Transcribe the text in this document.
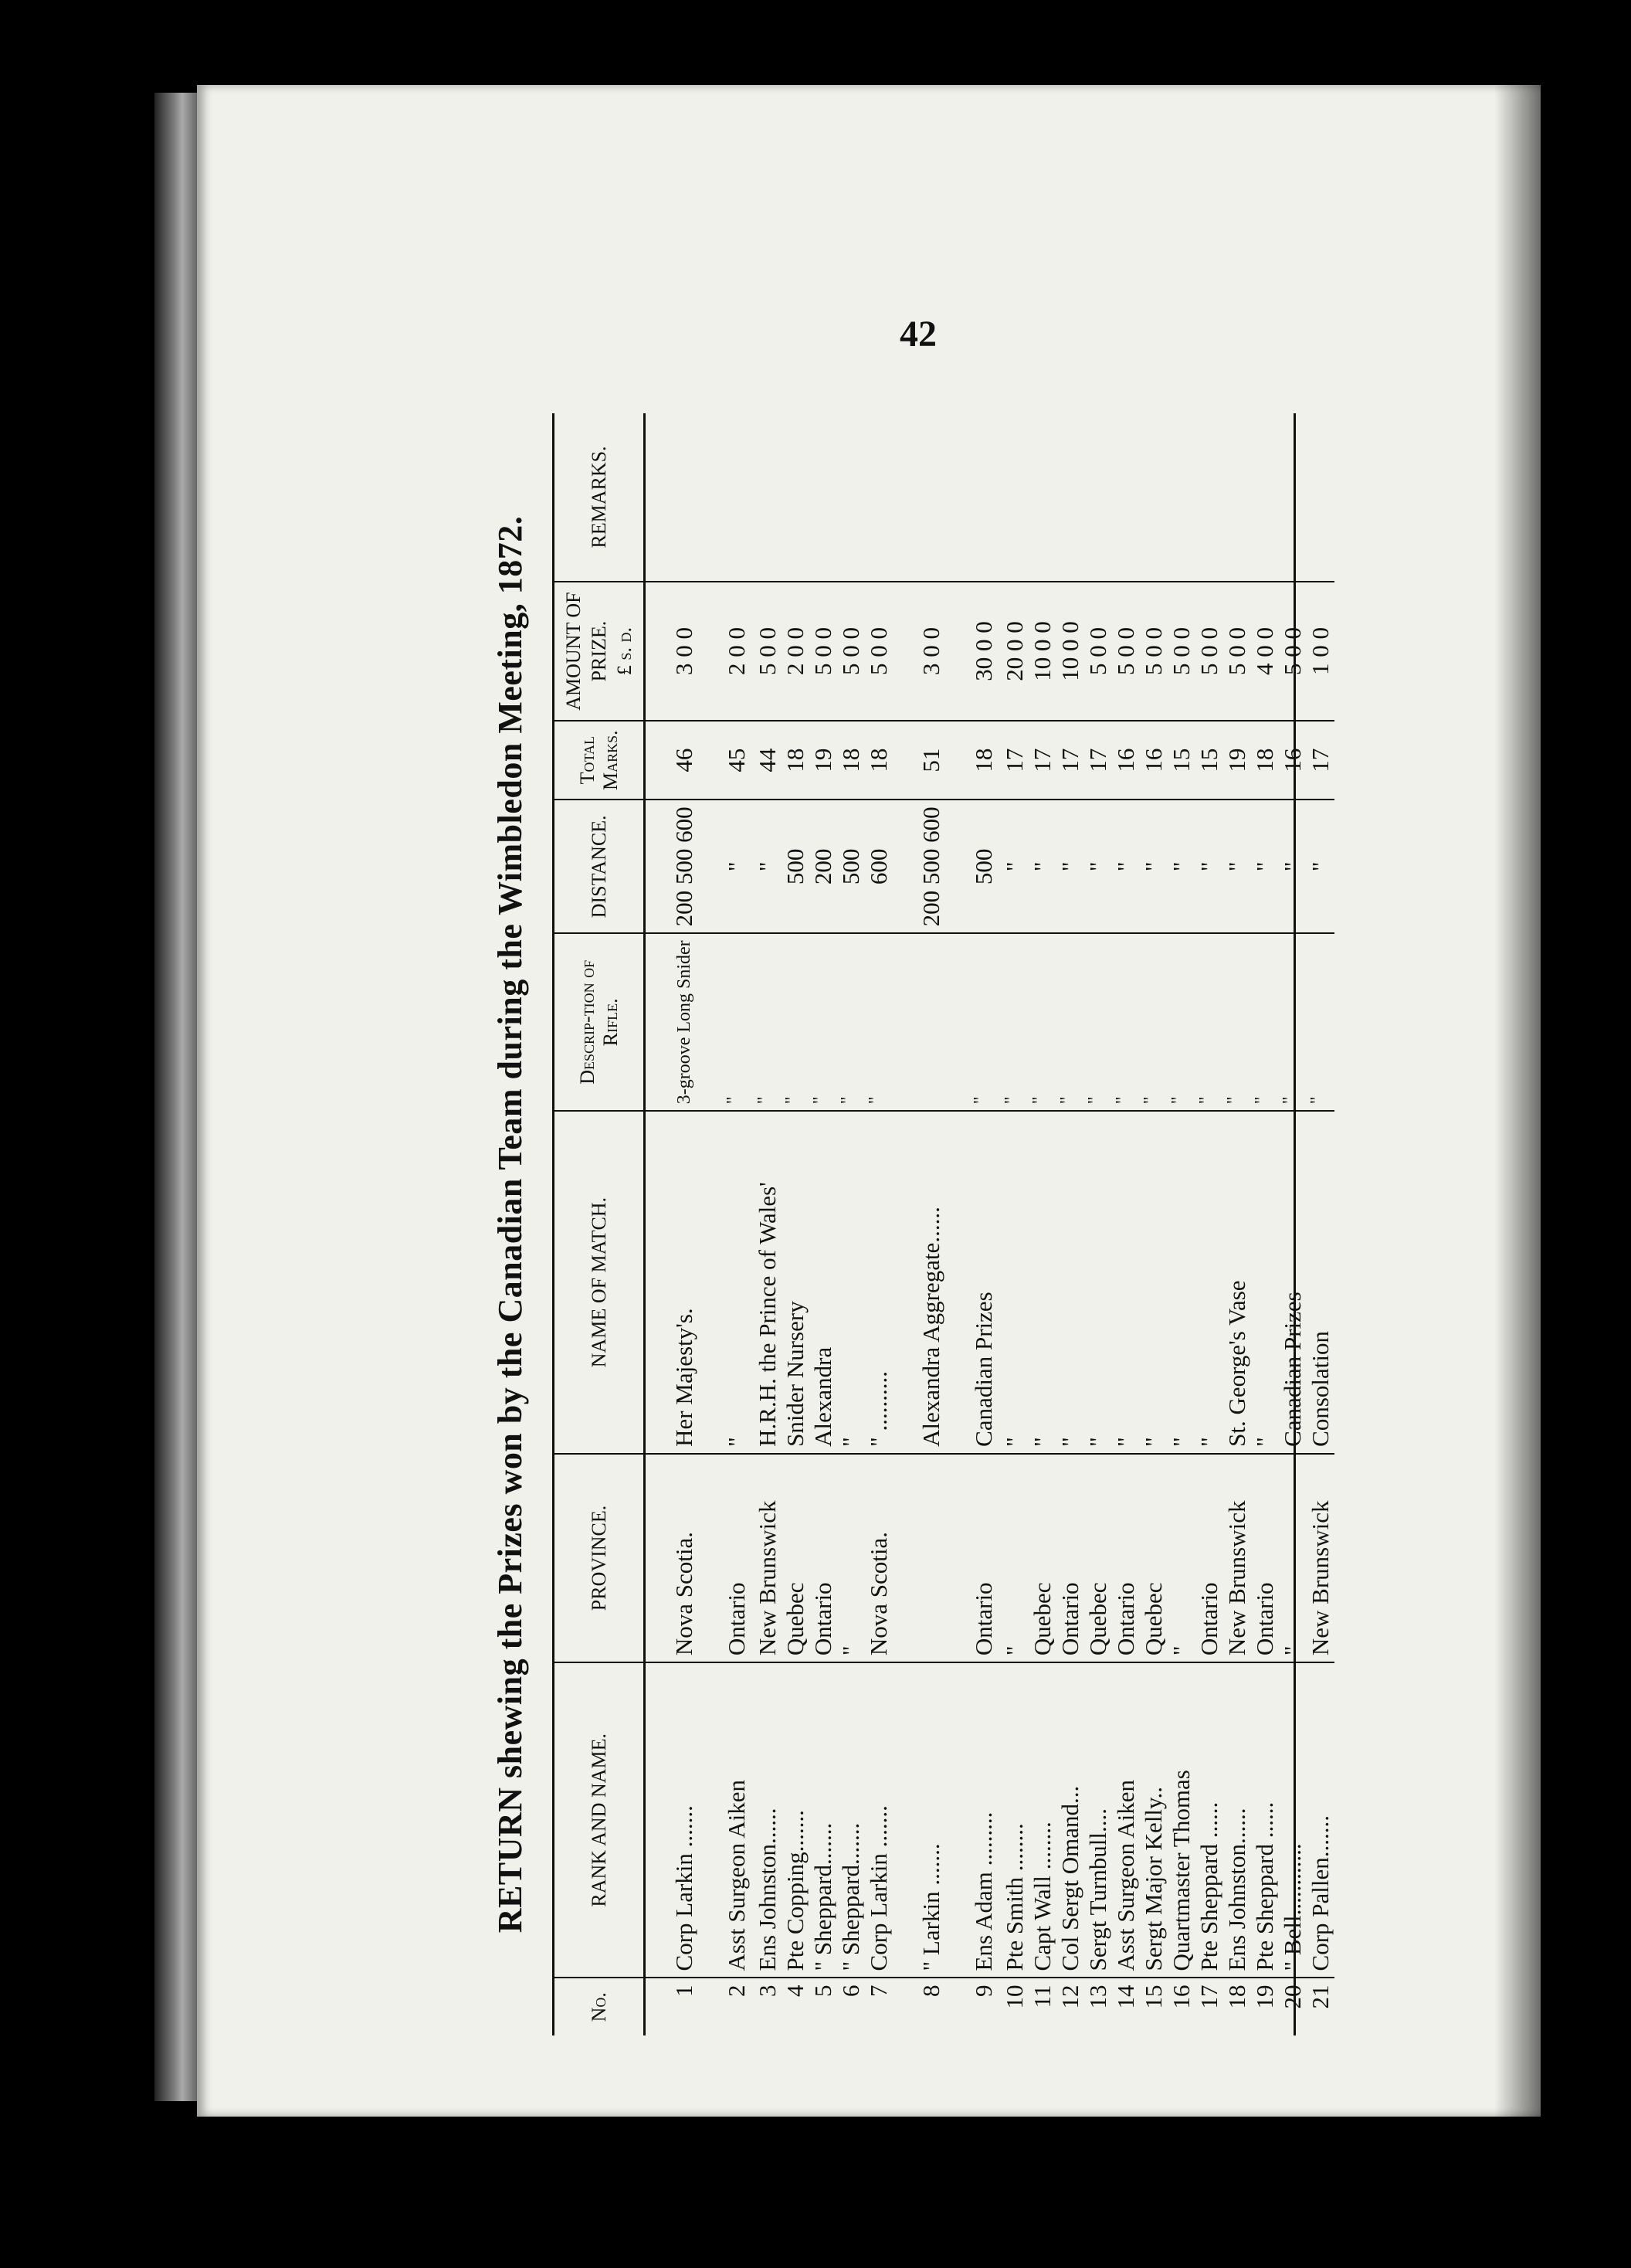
42
RETURN shewing the Prizes won by the Canadian Team during the Wimbledon Meeting, 1872.
No.	RANK AND NAME.	PROVINCE.	NAME OF MATCH.	Descrip-tion of Rifle.	DISTANCE.	Total Marks.	AMOUNT OF PRIZE. £ s. d.	REMARKS.
1	Corp Larkin .......	Nova Scotia.	Her Majesty's.	3-groove Long Snider	200 500 600	46	3 0 0	
2	Asst Surgeon Aiken	Ontario	"	"	"	45	2 0 0	
3	Ens Johnston......	New Brunswick	H.R.H. the Prince of Wales'	"	"	44	5 0 0	
4	Pte Copping.......	Quebec	Snider Nursery	"	500	18	2 0 0	
5	" Sheppard.......	Ontario	Alexandra	"	200	19	5 0 0	
6	" Sheppard.......	"	"	"	500	18	5 0 0	
7	Corp Larkin .......	Nova Scotia.	" ..........	"	600	18	5 0 0	
8	" Larkin .......		Alexandra Aggregate......		200 500 600	51	3 0 0	
9	Ens Adam .........	Ontario	Canadian Prizes	"	500	18	30 0 0	
10	Pte Smith ........	"	"	"	"	17	20 0 0	
11	Capt Wall ........	Quebec	"	"	"	17	10 0 0	
12	Col Sergt Omand...	Ontario	"	"	"	17	10 0 0	
13	Sergt Turnbull....	Quebec	"	"	"	17	5 0 0	
14	Asst Surgeon Aiken	Ontario	"	"	"	16	5 0 0	
15	Sergt Major Kelly..	Quebec	"	"	"	16	5 0 0	
16	Quartmaster Thomas	"	"	"	"	15	5 0 0	
17	Pte Sheppard ......	Ontario	"	"	"	15	5 0 0	
18	Ens Johnston......	New Brunswick	St. George's Vase	"	"	19	5 0 0	
19	Pte Sheppard ......	Ontario	"	"	"	18	4 0 0	
20	" Bell............	"	Canadian Prizes	"	"	16	5 0 0	
21	Corp Pallen.......	New Brunswick	Consolation	"	"	17	1 0 0	
